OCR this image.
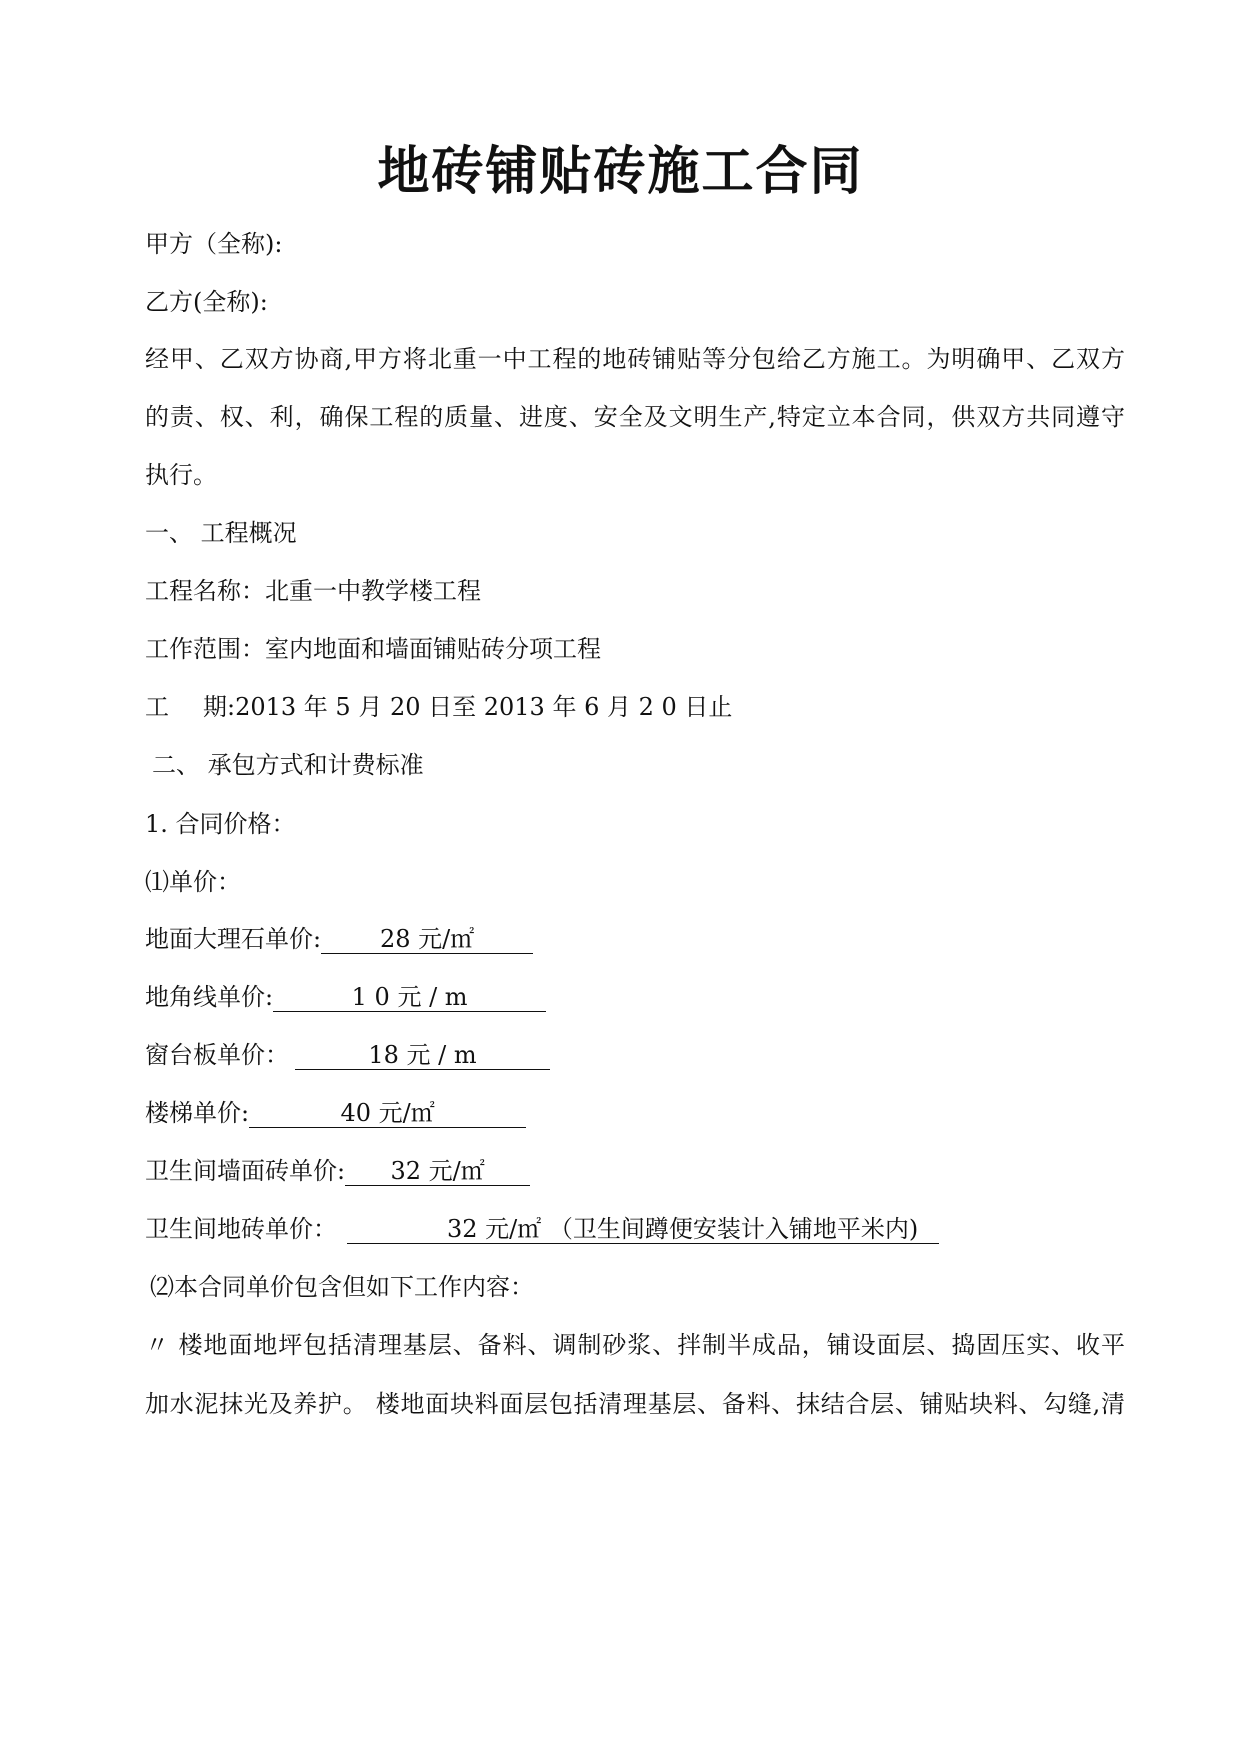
地砖铺贴砖施工合同
甲方（全称):
乙方(全称):
经甲、乙双方协商,甲方将北重一中工程的地砖铺贴等分包给乙方施工。为明确甲、乙双方
的责、权、利，确保工程的质量、进度、安全及文明生产,特定立本合同，供双方共同遵守
执行。
一、 工程概况
工程名称：北重一中教学楼工程
工作范围：室内地面和墙面铺贴砖分项工程
工 期:2013 年 5 月 20 日至 2013 年 6 月 2 0 日止
二、 承包方式和计费标准
1. 合同价格：
⑴单价：
地面大理石单价: 28 元/㎡
地角线单价:	1 0 元 / m
窗台板单价：	18 元 / m
楼梯单价:	40 元/㎡
卫生间墙面砖单价: 32 元/㎡
卫生间地砖单价：	32 元/㎡ （卫生间蹲便安装计入铺地平米内)
⑵本合同单价包含但如下工作内容：
〃 楼地面地坪包括清理基层、备料、调制砂浆、拌制半成品，铺设面层、捣固压实、收平
加水泥抹光及养护。 楼地面块料面层包括清理基层、备料、抹结合层、铺贴块料、勾缝,清
